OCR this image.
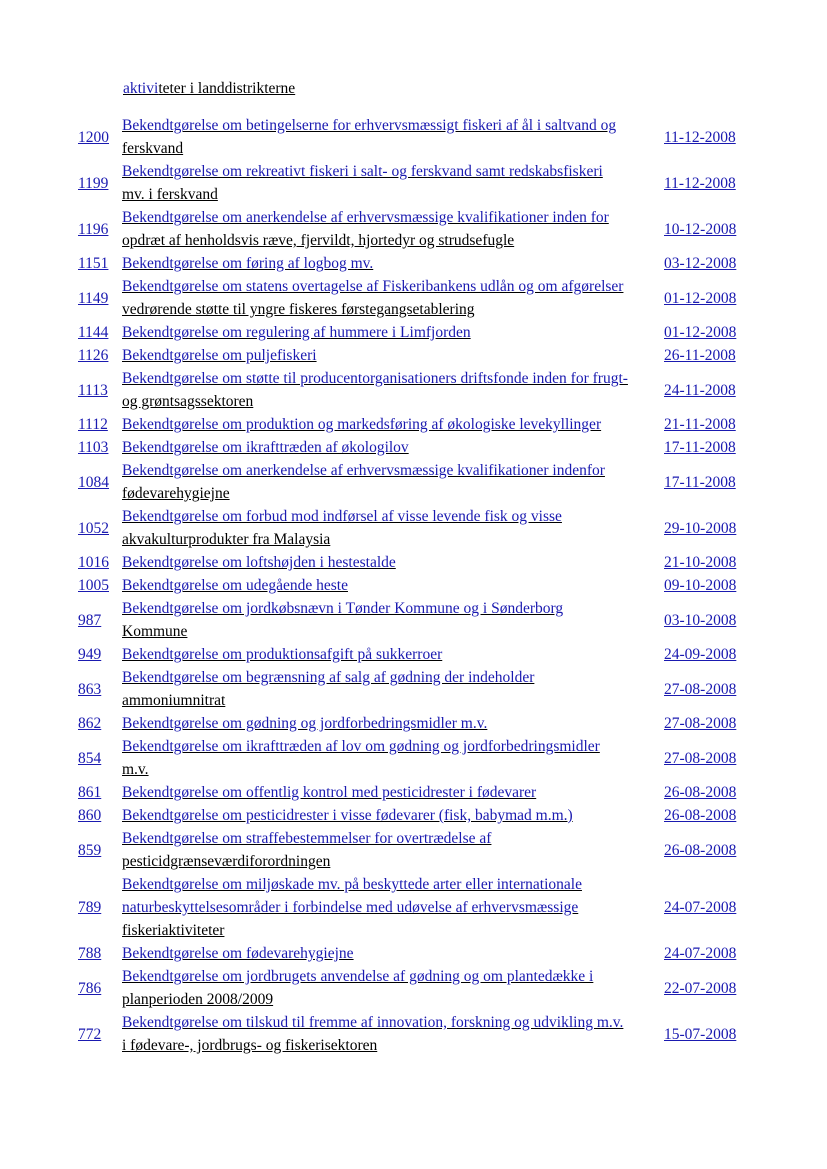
aktiviteter i landdistrikterne
1200	Bekendtgørelse om betingelserne for erhvervsmæssigt fiskeri af ål i saltvand og
ferskvand	11-12-2008
1199	Bekendtgørelse om rekreativt fiskeri i salt- og ferskvand samt redskabsfiskeri
mv. i ferskvand	11-12-2008
1196	Bekendtgørelse om anerkendelse af erhvervsmæssige kvalifikationer inden for
opdræt af henholdsvis ræve, fjervildt, hjortedyr og strudsefugle	10-12-2008
1151	Bekendtgørelse om føring af logbog mv.	03-12-2008
1149	Bekendtgørelse om statens overtagelse af Fiskeribankens udlån og om afgørelser
vedrørende støtte til yngre fiskeres førstegangsetablering	01-12-2008
1144	Bekendtgørelse om regulering af hummere i Limfjorden	01-12-2008
1126	Bekendtgørelse om puljefiskeri	26-11-2008
1113	Bekendtgørelse om støtte til producentorganisationers driftsfonde inden for frugt-
og grøntsagssektoren	24-11-2008
1112	Bekendtgørelse om produktion og markedsføring af økologiske levekyllinger	21-11-2008
1103	Bekendtgørelse om ikrafttræden af økologilov	17-11-2008
1084	Bekendtgørelse om anerkendelse af erhvervsmæssige kvalifikationer indenfor
fødevarehygiejne	17-11-2008
1052	Bekendtgørelse om forbud mod indførsel af visse levende fisk og visse
akvakulturprodukter fra Malaysia	29-10-2008
1016	Bekendtgørelse om loftshøjden i hestestalde	21-10-2008
1005	Bekendtgørelse om udegående heste	09-10-2008
987	Bekendtgørelse om jordkøbsnævn i Tønder Kommune og i Sønderborg
Kommune	03-10-2008
949	Bekendtgørelse om produktionsafgift på sukkerroer	24-09-2008
863	Bekendtgørelse om begrænsning af salg af gødning der indeholder
ammoniumnitrat	27-08-2008
862	Bekendtgørelse om gødning og jordforbedringsmidler m.v.	27-08-2008
854	Bekendtgørelse om ikrafttræden af lov om gødning og jordforbedringsmidler
m.v.	27-08-2008
861	Bekendtgørelse om offentlig kontrol med pesticidrester i fødevarer	26-08-2008
860	Bekendtgørelse om pesticidrester i visse fødevarer (fisk, babymad m.m.)	26-08-2008
859	Bekendtgørelse om straffebestemmelser for overtrædelse af
pesticidgrænseværdiforordningen	26-08-2008
789	Bekendtgørelse om miljøskade mv. på beskyttede arter eller internationale
naturbeskyttelsesområder i forbindelse med udøvelse af erhvervsmæssige
fiskeriaktiviteter	24-07-2008
788	Bekendtgørelse om fødevarehygiejne	24-07-2008
786	Bekendtgørelse om jordbrugets anvendelse af gødning og om plantedække i
planperioden 2008/2009	22-07-2008
772	Bekendtgørelse om tilskud til fremme af innovation, forskning og udvikling m.v.
i fødevare-, jordbrugs- og fiskerisektoren	15-07-2008
